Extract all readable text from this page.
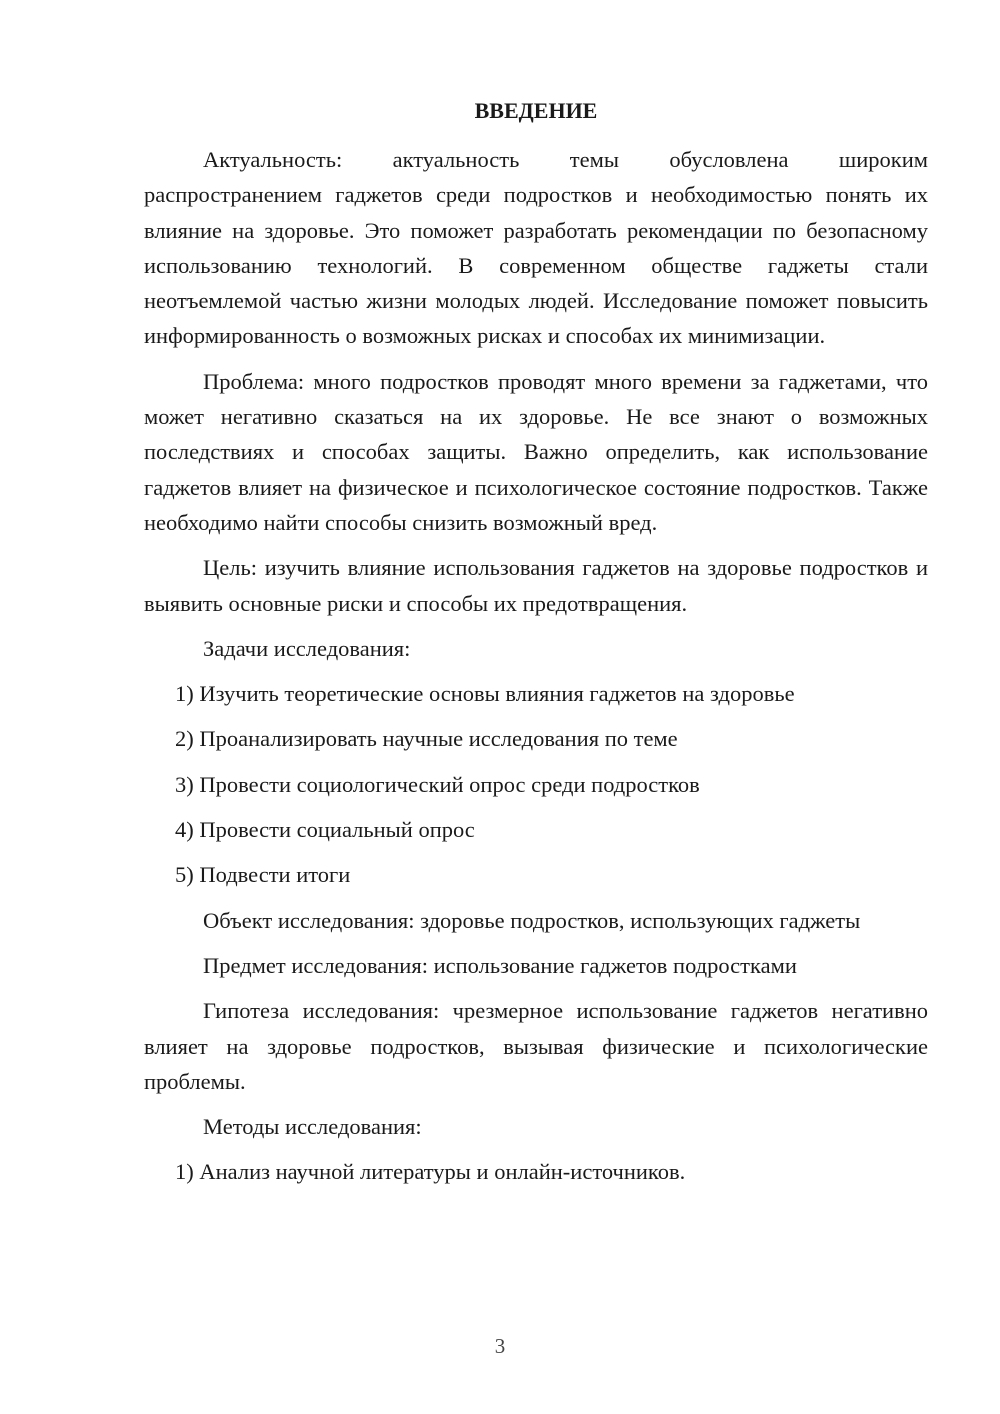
ВВЕДЕНИЕ

Актуальность: актуальность темы обусловлена широким распространением гаджетов среди подростков и необходимостью понять их влияние на здоровье. Это поможет разработать рекомендации по безопасному использованию технологий. В современном обществе гаджеты стали неотъемлемой частью жизни молодых людей. Исследование поможет повысить информированность о возможных рисках и способах их минимизации.

Проблема: много подростков проводят много времени за гаджетами, что может негативно сказаться на их здоровье. Не все знают о возможных последствиях и способах защиты. Важно определить, как использование гаджетов влияет на физическое и психологическое состояние подростков. Также необходимо найти способы снизить возможный вред.

Цель: изучить влияние использования гаджетов на здоровье подростков и выявить основные риски и способы их предотвращения.

Задачи исследования:

1) Изучить теоретические основы влияния гаджетов на здоровье

2) Проанализировать научные исследования по теме

3) Провести социологический опрос среди подростков

4) Провести социальный опрос

5) Подвести итоги

Объект исследования: здоровье подростков, использующих гаджеты

Предмет исследования: использование гаджетов подростками

Гипотеза исследования: чрезмерное использование гаджетов негативно влияет на здоровье подростков, вызывая физические и психологические проблемы.

Методы исследования:

1) Анализ научной литературы и онлайн-источников.

3
